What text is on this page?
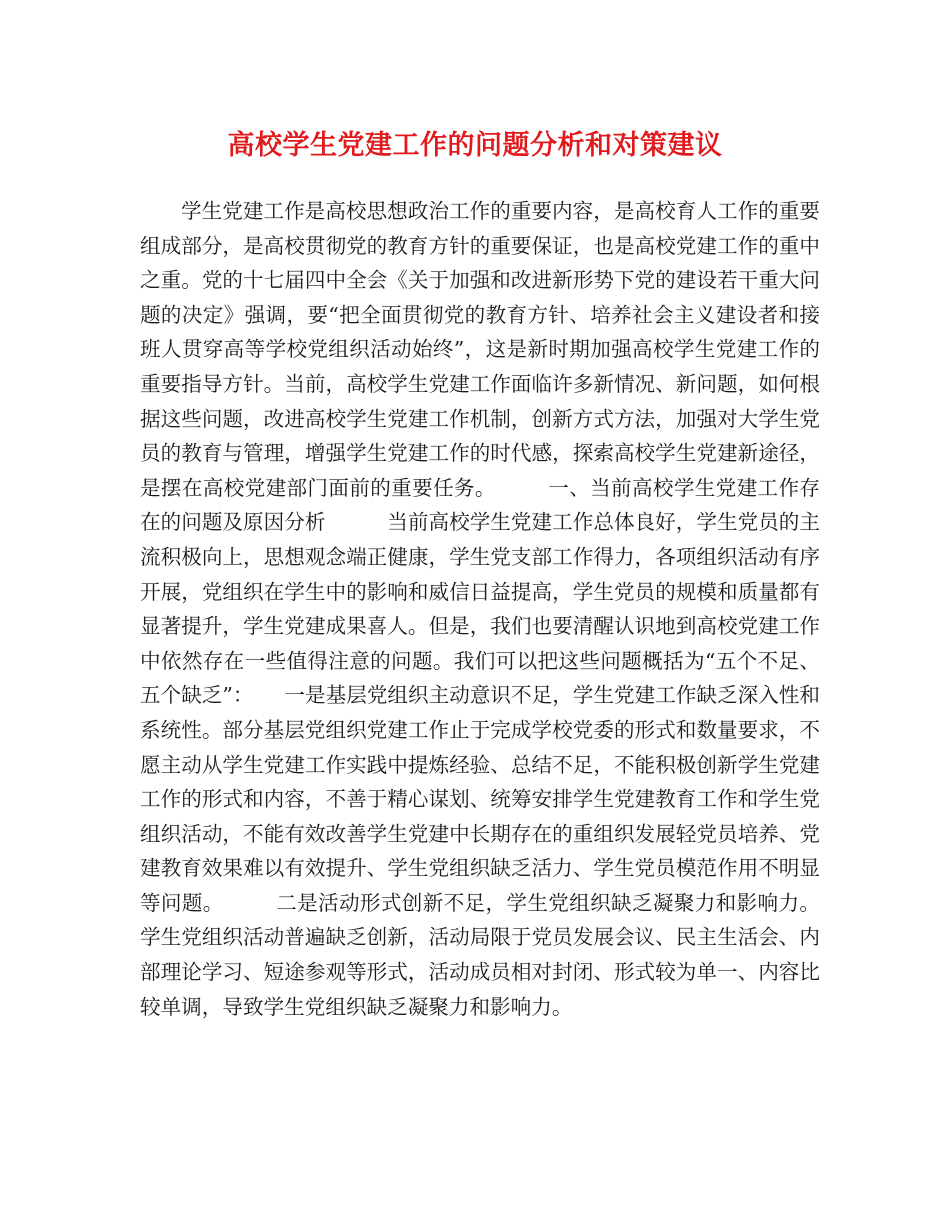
高校学生党建工作的问题分析和对策建议

学生党建工作是高校思想政治工作的重要内容，是高校育人工作的重要组成部分，是高校贯彻党的教育方针的重要保证，也是高校党建工作的重中之重。党的十七届四中全会《关于加强和改进新形势下党的建设若干重大问题的决定》强调，要“把全面贯彻党的教育方针、培养社会主义建设者和接班人贯穿高等学校党组织活动始终”，这是新时期加强高校学生党建工作的重要指导方针。当前，高校学生党建工作面临许多新情况、新问题，如何根据这些问题，改进高校学生党建工作机制，创新方式方法，加强对大学生党员的教育与管理，增强学生党建工作的时代感，探索高校学生党建新途径，是摆在高校党建部门面前的重要任务。　　　一、当前高校学生党建工作存在的问题及原因分析　　　当前高校学生党建工作总体良好，学生党员的主流积极向上，思想观念端正健康，学生党支部工作得力，各项组织活动有序开展，党组织在学生中的影响和威信日益提高，学生党员的规模和质量都有显著提升，学生党建成果喜人。但是，我们也要清醒认识地到高校党建工作中依然存在一些值得注意的问题。我们可以把这些问题概括为“五个不足、五个缺乏”：　　一是基层党组织主动意识不足，学生党建工作缺乏深入性和系统性。部分基层党组织党建工作止于完成学校党委的形式和数量要求，不愿主动从学生党建工作实践中提炼经验、总结不足，不能积极创新学生党建工作的形式和内容，不善于精心谋划、统筹安排学生党建教育工作和学生党组织活动，不能有效改善学生党建中长期存在的重组织发展轻党员培养、党建教育效果难以有效提升、学生党组织缺乏活力、学生党员模范作用不明显等问题。　　　二是活动形式创新不足，学生党组织缺乏凝聚力和影响力。学生党组织活动普遍缺乏创新，活动局限于党员发展会议、民主生活会、内部理论学习、短途参观等形式，活动成员相对封闭、形式较为单一、内容比较单调，导致学生党组织缺乏凝聚力和影响力。
